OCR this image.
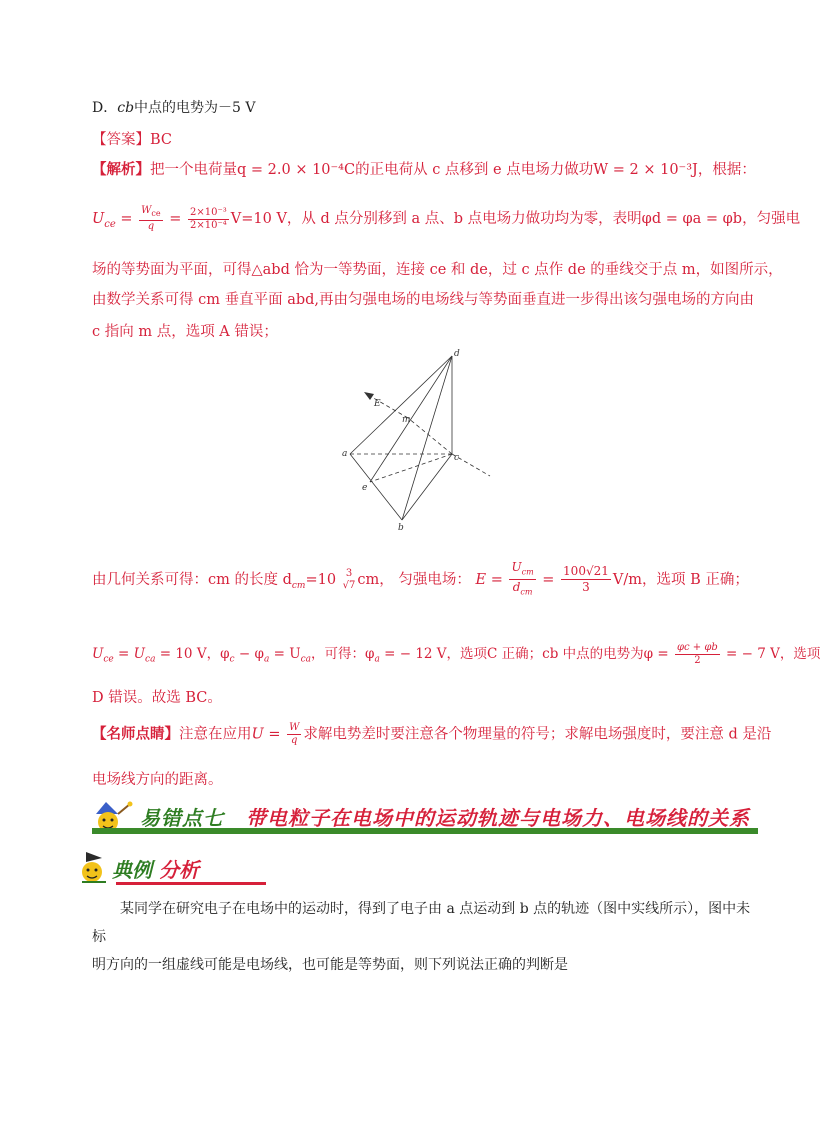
D．cb中点的电势为－5 V
【答案】BC
【解析】把一个电荷量q = 2.0 × 10⁻⁴C的正电荷从 c 点移到 e 点电场力做功W = 2 × 10⁻³J，根据：
$U_{ce} = \frac{W_{ce}}{q} = \frac{\text{2×10⁻³}}{\text{2×10⁻⁴}} V=10$ V，从 d 点分别移到 a 点、b 点电场力做功均为零，表明φd = φa = φb，匀强电
场的等势面为平面，可得△abd 恰为一等势面，连接 ce 和 de，过 c 点作 de 的垂线交于点 m，如图所示，
由数学关系可得 cm 垂直平面 abd,再由匀强电场的电场线与等势面垂直进一步得出该匀强电场的方向由
c 指向 m 点，选项 A 错误；
d
E
m
a	c
e
b
由几何关系可得：cm 的长度 $d_{cm}=10$ 3
√7 cm， 匀强电场： $E = \frac{U_{cm}}{d_{cm}} = \frac{100√21}{3} V/m$，选项 B 正确；
$U_{ce} = U_{ca} = 10$ V，$\varphi_c - \varphi_a = U_{ca}$，可得：$\varphi_a$ = − 12 V，选项C 正确；cb 中点的电势为$\varphi = \frac{\varphi c + \varphi b}{2}$ = − 7 V，选项
D 错误。故选 BC。
【名师点睛】注意在应用$U = \frac{W}{q}$ 求解电势差时要注意各个物理量的符号；求解电场强度时，要注意 d 是沿
电场线方向的距离。
易错点七 带电粒子在电场中的运动轨迹与电场力、电场线的关系
典例 分析
某同学在研究电子在电场中的运动时，得到了电子由 a 点运动到 b 点的轨迹（图中实线所示），图中未标
明方向的一组虚线可能是电场线，也可能是等势面，则下列说法正确的判断是
